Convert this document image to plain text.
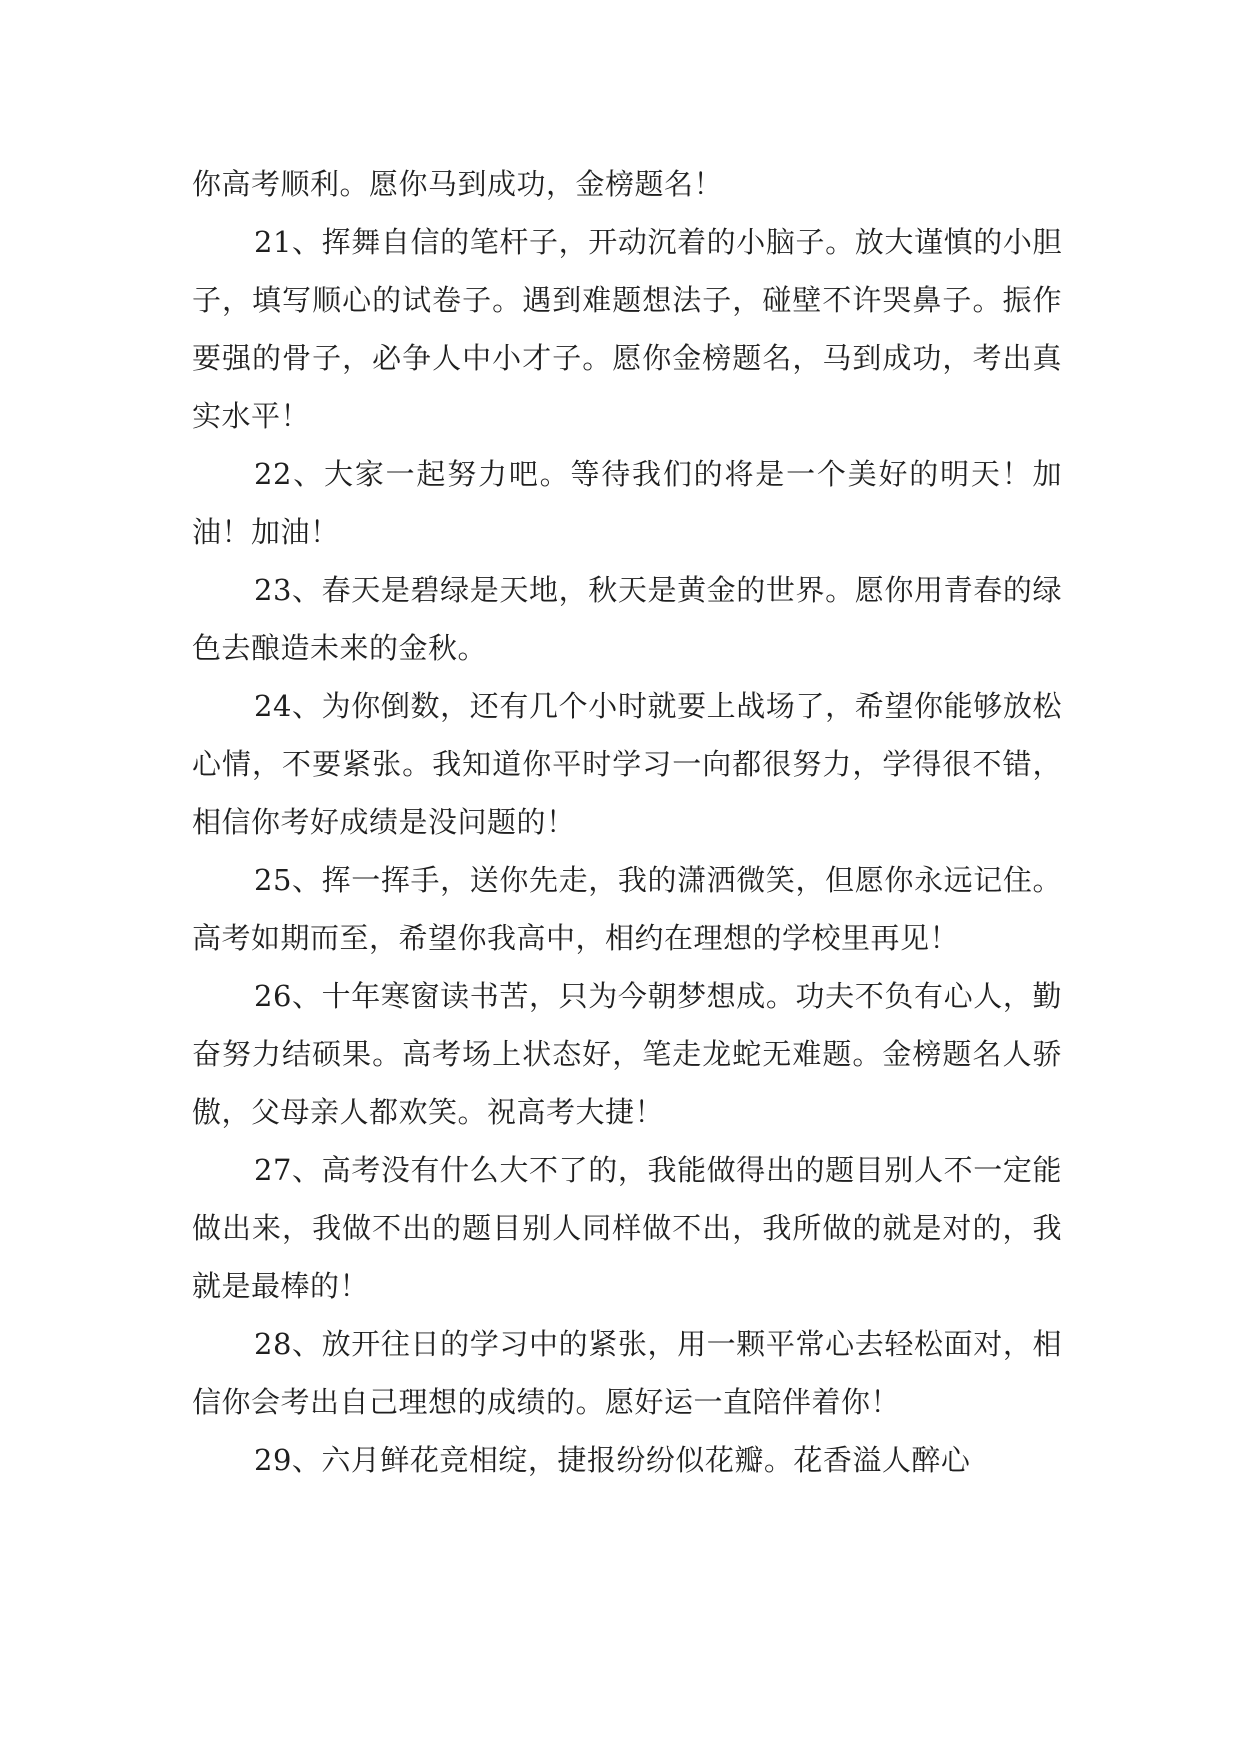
你高考顺利。愿你马到成功，金榜题名！

21、挥舞自信的笔杆子，开动沉着的小脑子。放大谨慎的小胆子，填写顺心的试卷子。遇到难题想法子，碰壁不许哭鼻子。振作要强的骨子，必争人中小才子。愿你金榜题名，马到成功，考出真实水平！

22、大家一起努力吧。等待我们的将是一个美好的明天！加油！加油！

23、春天是碧绿是天地，秋天是黄金的世界。愿你用青春的绿色去酿造未来的金秋。

24、为你倒数，还有几个小时就要上战场了，希望你能够放松心情，不要紧张。我知道你平时学习一向都很努力，学得很不错，相信你考好成绩是没问题的！

25、挥一挥手，送你先走，我的潇洒微笑，但愿你永远记住。高考如期而至，希望你我高中，相约在理想的学校里再见！

26、十年寒窗读书苦，只为今朝梦想成。功夫不负有心人，勤奋努力结硕果。高考场上状态好，笔走龙蛇无难题。金榜题名人骄傲，父母亲人都欢笑。祝高考大捷！

27、高考没有什么大不了的，我能做得出的题目别人不一定能做出来，我做不出的题目别人同样做不出，我所做的就是对的，我就是最棒的！

28、放开往日的学习中的紧张，用一颗平常心去轻松面对，相信你会考出自己理想的成绩的。愿好运一直陪伴着你！

29、六月鲜花竞相绽，捷报纷纷似花瓣。花香溢人醉心
